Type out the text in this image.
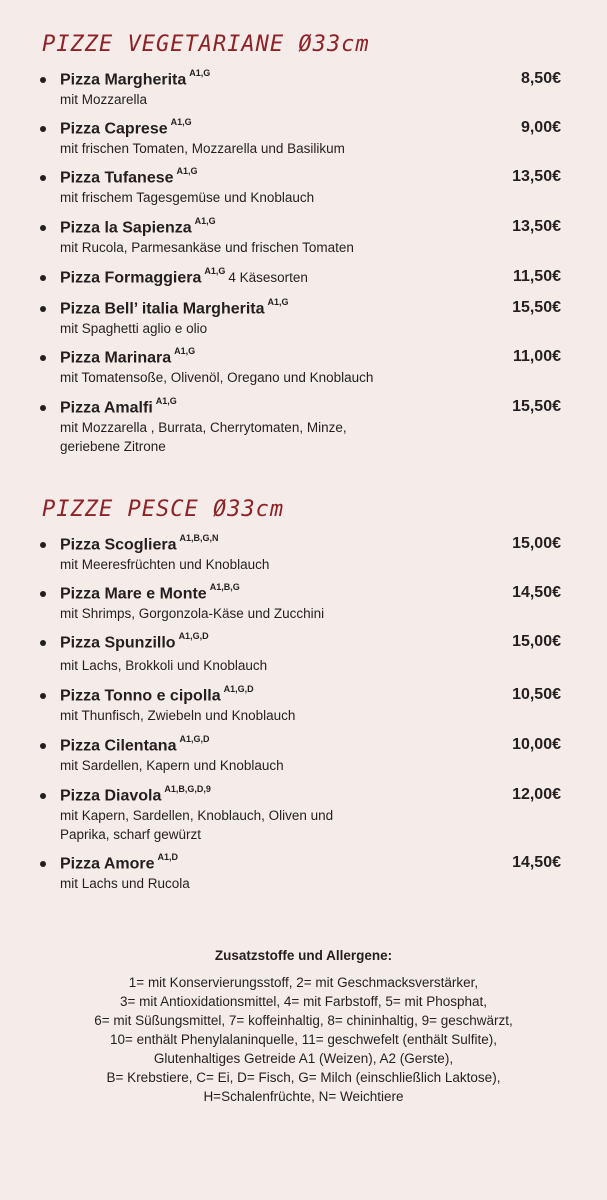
PIZZE VEGETARIANE Ø33cm
Pizza Margherita $^{A1,G}$	8,50€
mit Mozzarella
Pizza Caprese $^{A1,G}$	9,00€
mit frischen Tomaten, Mozzarella und Basilikum
Pizza Tufanese $^{A1,G}$	13,50€
mit frischem Tagesgemüse und Knoblauch
Pizza la Sapienza $^{A1,G}$	13,50€
mit Rucola, Parmesankäse und frischen Tomaten
Pizza Formaggiera $^{A1,G}$ 4 Käsesorten	11,50€
Pizza Bell’ italia Margherita $^{A1,G}$	15,50€
mit Spaghetti aglio e olio
Pizza Marinara $^{A1,G}$	11,00€
mit Tomatensoße, Olivenöl, Oregano und Knoblauch
Pizza Amalfi $^{A1,G}$	15,50€
mit Mozzarella , Burrata, Cherrytomaten, Minze,
geriebene Zitrone
PIZZE PESCE Ø33cm
Pizza Scogliera $^{A1,B,G,N}$	15,00€
mit Meeresfrüchten und Knoblauch
Pizza Mare e Monte $^{A1,B,G}$	14,50€
mit Shrimps, Gorgonzola-Käse und Zucchini
Pizza Spunzillo $^{A1,G,D}$	15,00€
mit Lachs, Brokkoli und Knoblauch
Pizza Tonno e cipolla $^{A1,G,D}$	10,50€
mit Thunfisch, Zwiebeln und Knoblauch
Pizza Cilentana $^{A1,G,D}$	10,00€
mit Sardellen, Kapern und Knoblauch
Pizza Diavola $^{A1,B,G,D,9}$	12,00€
mit Kapern, Sardellen, Knoblauch, Oliven und
Paprika, scharf gewürzt
Pizza Amore $^{A1,D}$	14,50€
mit Lachs und Rucola
Zusatzstoffe und Allergene:
1= mit Konservierungsstoff, 2= mit Geschmacksverstärker,
3= mit Antioxidationsmittel, 4= mit Farbstoff, 5= mit Phosphat,
6= mit Süßungsmittel, 7= koffeinhaltig, 8= chininhaltig, 9= geschwärzt,
10= enthält Phenylalaninquelle, 11= geschwefelt (enthält Sulfite),
Glutenhaltiges Getreide A1 (Weizen), A2 (Gerste),
B= Krebstiere, C= Ei, D= Fisch, G= Milch (einschließlich Laktose),
H=Schalenfrüchte, N= Weichtiere
